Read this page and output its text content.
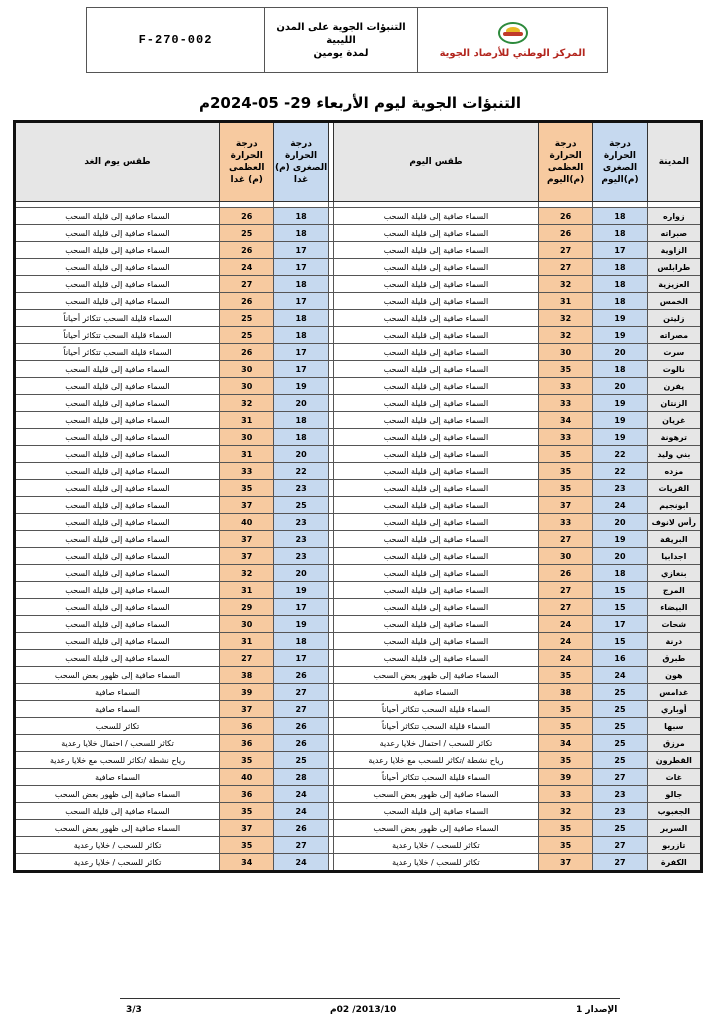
F-270-002
التنبؤات الجوية على المدن الليبية
لمدة يومين	المركز الوطني للأرصاد الجوية
التنبؤات الجوية ليوم الأربعاء 29- 05-2024م
المدينة	درجة الحرارة الصغرى (م)اليوم	درجة الحرارة العظمى (م)اليوم	طقس اليوم		درجة الحرارة الصغرى (م) غدا	درجة الحرارة العظمى (م) غدا	طقس يوم الغد

زواره	18	26	السماء صافية إلى قليلة السحب		18	26	السماء صافية إلى قليلة السحب
صبراته	18	26	السماء صافية إلى قليلة السحب		18	25	السماء صافية إلى قليلة السحب
الزاوية	17	27	السماء صافية إلى قليلة السحب		17	26	السماء صافية إلى قليلة السحب
طرابلس	18	27	السماء صافية إلى قليلة السحب		17	24	السماء صافية إلى قليلة السحب
العزيزية	18	32	السماء صافية إلى قليلة السحب		18	27	السماء صافية إلى قليلة السحب
الخمس	18	31	السماء صافية إلى قليلة السحب		17	26	السماء صافية إلى قليلة السحب
زليتن	19	32	السماء صافية إلى قليلة السحب		18	25	السماء قليلة السحب تتكاثر أحياناً
مصراته	19	32	السماء صافية إلى قليلة السحب		18	25	السماء قليلة السحب تتكاثر أحياناً
سرت	20	30	السماء صافية إلى قليلة السحب		17	26	السماء قليلة السحب تتكاثر أحياناً
نالوت	18	35	السماء صافية إلى قليلة السحب		17	30	السماء صافية إلى قليلة السحب
يفرن	20	33	السماء صافية إلى قليلة السحب		19	30	السماء صافية إلى قليلة السحب
الزنتان	19	33	السماء صافية إلى قليلة السحب		20	32	السماء صافية إلى قليلة السحب
غريان	19	34	السماء صافية إلى قليلة السحب		18	31	السماء صافية إلى قليلة السحب
ترهونة	19	33	السماء صافية إلى قليلة السحب		18	30	السماء صافية إلى قليلة السحب
بني وليد	22	35	السماء صافية إلى قليلة السحب		20	31	السماء صافية إلى قليلة السحب
مزده	22	35	السماء صافية إلى قليلة السحب		22	33	السماء صافية إلى قليلة السحب
القريات	23	35	السماء صافية إلى قليلة السحب		23	35	السماء صافية إلى قليلة السحب
ابونجيم	24	37	السماء صافية إلى قليلة السحب		25	37	السماء صافية إلى قليلة السحب
رأس لانوف	20	33	السماء صافية إلى قليلة السحب		23	40	السماء صافية إلى قليلة السحب
البريقة	19	27	السماء صافية إلى قليلة السحب		23	37	السماء صافية إلى قليلة السحب
اجدابيا	20	30	السماء صافية إلى قليلة السحب		23	37	السماء صافية إلى قليلة السحب
بنغازي	18	26	السماء صافية إلى قليلة السحب		20	32	السماء صافية إلى قليلة السحب
المرج	15	27	السماء صافية إلى قليلة السحب		19	31	السماء صافية إلى قليلة السحب
البيضاء	15	27	السماء صافية إلى قليلة السحب		17	29	السماء صافية إلى قليلة السحب
شحات	17	24	السماء صافية إلى قليلة السحب		19	30	السماء صافية إلى قليلة السحب
درنة	15	24	السماء صافية إلى قليلة السحب		18	31	السماء صافية إلى قليلة السحب
طبرق	16	24	السماء صافية إلى قليلة السحب		17	27	السماء صافية إلى قليلة السحب
هون	24	35	السماء صافية إلى ظهور بعض السحب		26	38	السماء صافية إلى ظهور بعض السحب
غدامس	25	38	السماء صافية		27	39	السماء صافية
أوباري	25	35	السماء قليلة السحب تتكاثر أحياناً		27	37	السماء صافية
سبها	25	35	السماء قليلة السحب تتكاثر أحياناً		26	36	تكاثر للسحب
مرزق	25	34	تكاثر للسحب / احتمال خلايا رعدية		26	36	تكاثر للسحب / احتمال خلايا رعدية
القطرون	25	35	رياح نشطة /تكاثر للسحب مع خلايا رعدية		25	35	رياح نشطة /تكاثر للسحب مع خلايا رعدية
غات	27	39	السماء قليلة السحب تتكاثر أحياناً		28	40	السماء صافية
جالو	23	33	السماء صافية إلى ظهور بعض السحب		24	36	السماء صافية إلى ظهور بعض السحب
الجغبوب	23	32	السماء صافية إلى قليلة السحب		24	35	السماء صافية إلى قليلة السحب
السرير	25	35	السماء صافية إلى ظهور بعض السحب		26	37	السماء صافية إلى ظهور بعض السحب
تازربو	27	35	تكاثر للسحب / خلايا رعدية		27	35	تكاثر للسحب / خلايا رعدية
الكفرة	27	37	تكاثر للسحب / خلايا رعدية		24	34	تكاثر للسحب / خلايا رعدية
3/3	2013/10/ 02م	الإصدار 1
